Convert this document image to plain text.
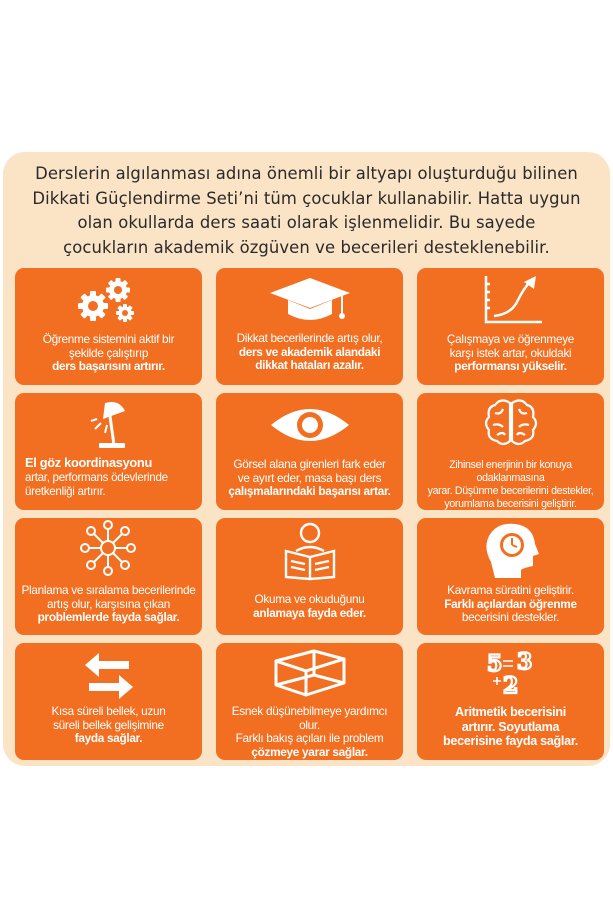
Derslerin algılanması adına önemli bir altyapı oluşturduğu bilinen
Dikkati Güçlendirme Seti’ni tüm çocuklar kullanabilir. Hatta uygun
olan okullarda ders saati olarak işlenmelidir. Bu sayede
çocukların akademik özgüven ve becerileri desteklenebilir.
Öğrenme sistemini aktif bir
şekilde çalıştırıp
ders başarısını artırır.
Dikkat becerilerinde artış olur,
ders ve akademik alandaki
dikkat hataları azalır.
Çalışmaya ve öğrenmeye
karşı istek artar, okuldaki
performansı yükselir.
El göz koordinasyonu
artar, performans ödevlerinde
üretkenliği artırır.
Görsel alana girenleri fark eder
ve ayırt eder, masa başı ders
çalışmalarındaki başarısı artar.
Zihinsel enerjinin bir konuya odaklanmasına
yarar. Düşünme becerilerini destekler,
yorumlama becerisini geliştirir.
Planlama ve sıralama becerilerinde
artış olur, karşısına çıkan
problemlerde fayda sağlar.
Okuma ve okuduğunu
anlamaya fayda eder.
Kavrama süratini geliştirir.
Farklı açılardan öğrenme
becerisini destekler.
Kısa süreli bellek, uzun
süreli bellek gelişimine
fayda sağlar.
Esnek düşünebilmeye yardımcı olur.
Farklı bakış açıları ile problem
çözmeye yarar sağlar.
5 3
2
Aritmetik becerisini
artırır. Soyutlama
becerisine fayda sağlar.
